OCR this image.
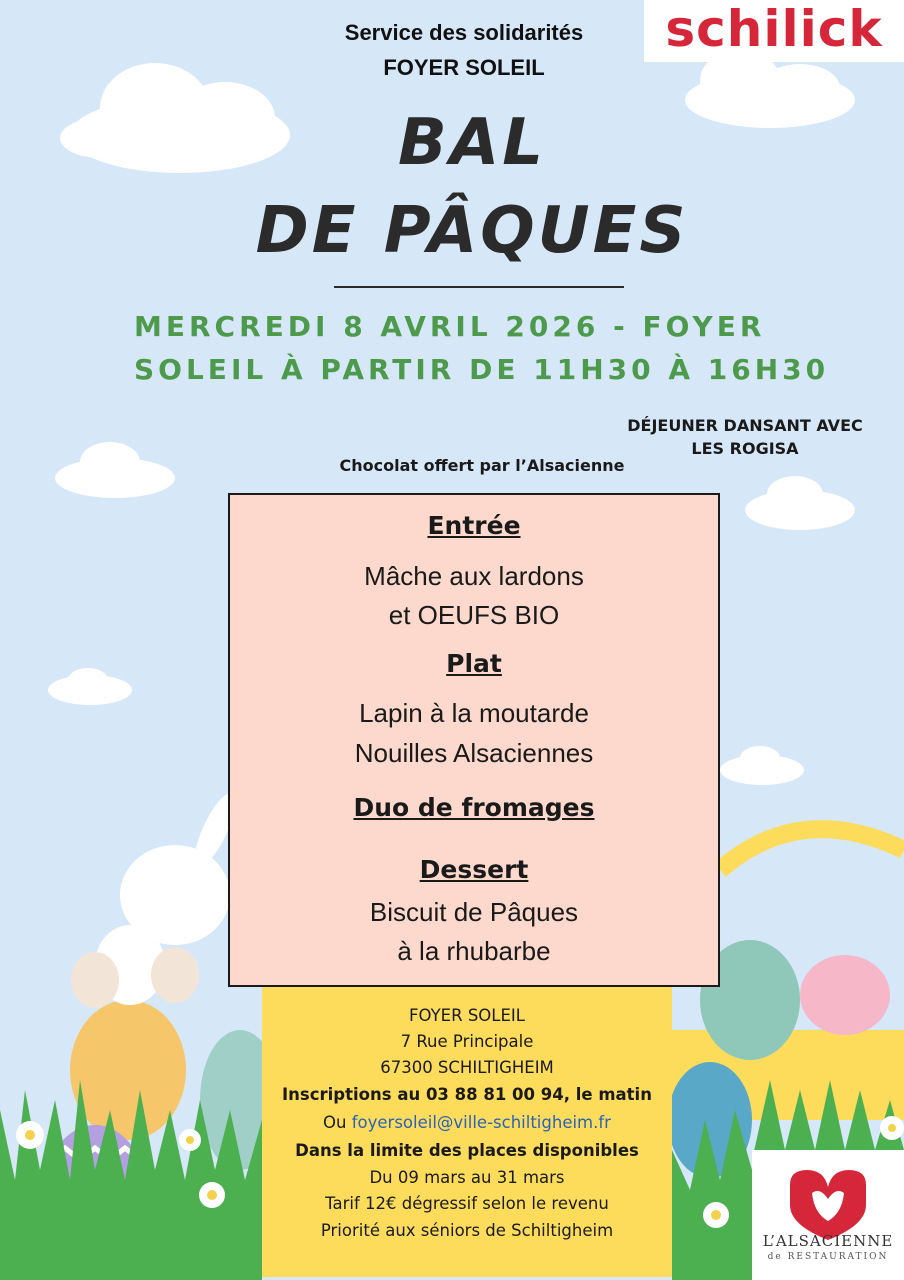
Service des solidarités
FOYER SOLEIL
schilick
BAL
DE PÂQUES
MERCREDI 8 AVRIL 2026 - FOYER
SOLEIL À PARTIR DE 11H30 À 16H30
DÉJEUNER DANSANT AVEC
LES ROGISA
Chocolat offert par l’Alsacienne
Entrée
Mâche aux lardons
et OEUFS BIO
Plat
Lapin à la moutarde
Nouilles Alsaciennes
Duo de fromages
Dessert
Biscuit de Pâques
à la rhubarbe
FOYER SOLEIL
7 Rue Principale
67300 SCHILTIGHEIM
Inscriptions au 03 88 81 00 94, le matin
Ou foyersoleil@ville-schiltigheim.fr
Dans la limite des places disponibles
Du 09 mars au 31 mars
Tarif 12€ dégressif selon le revenu
Priorité aux séniors de Schiltigheim
L’ALSACIENNE
de RESTAURATION
